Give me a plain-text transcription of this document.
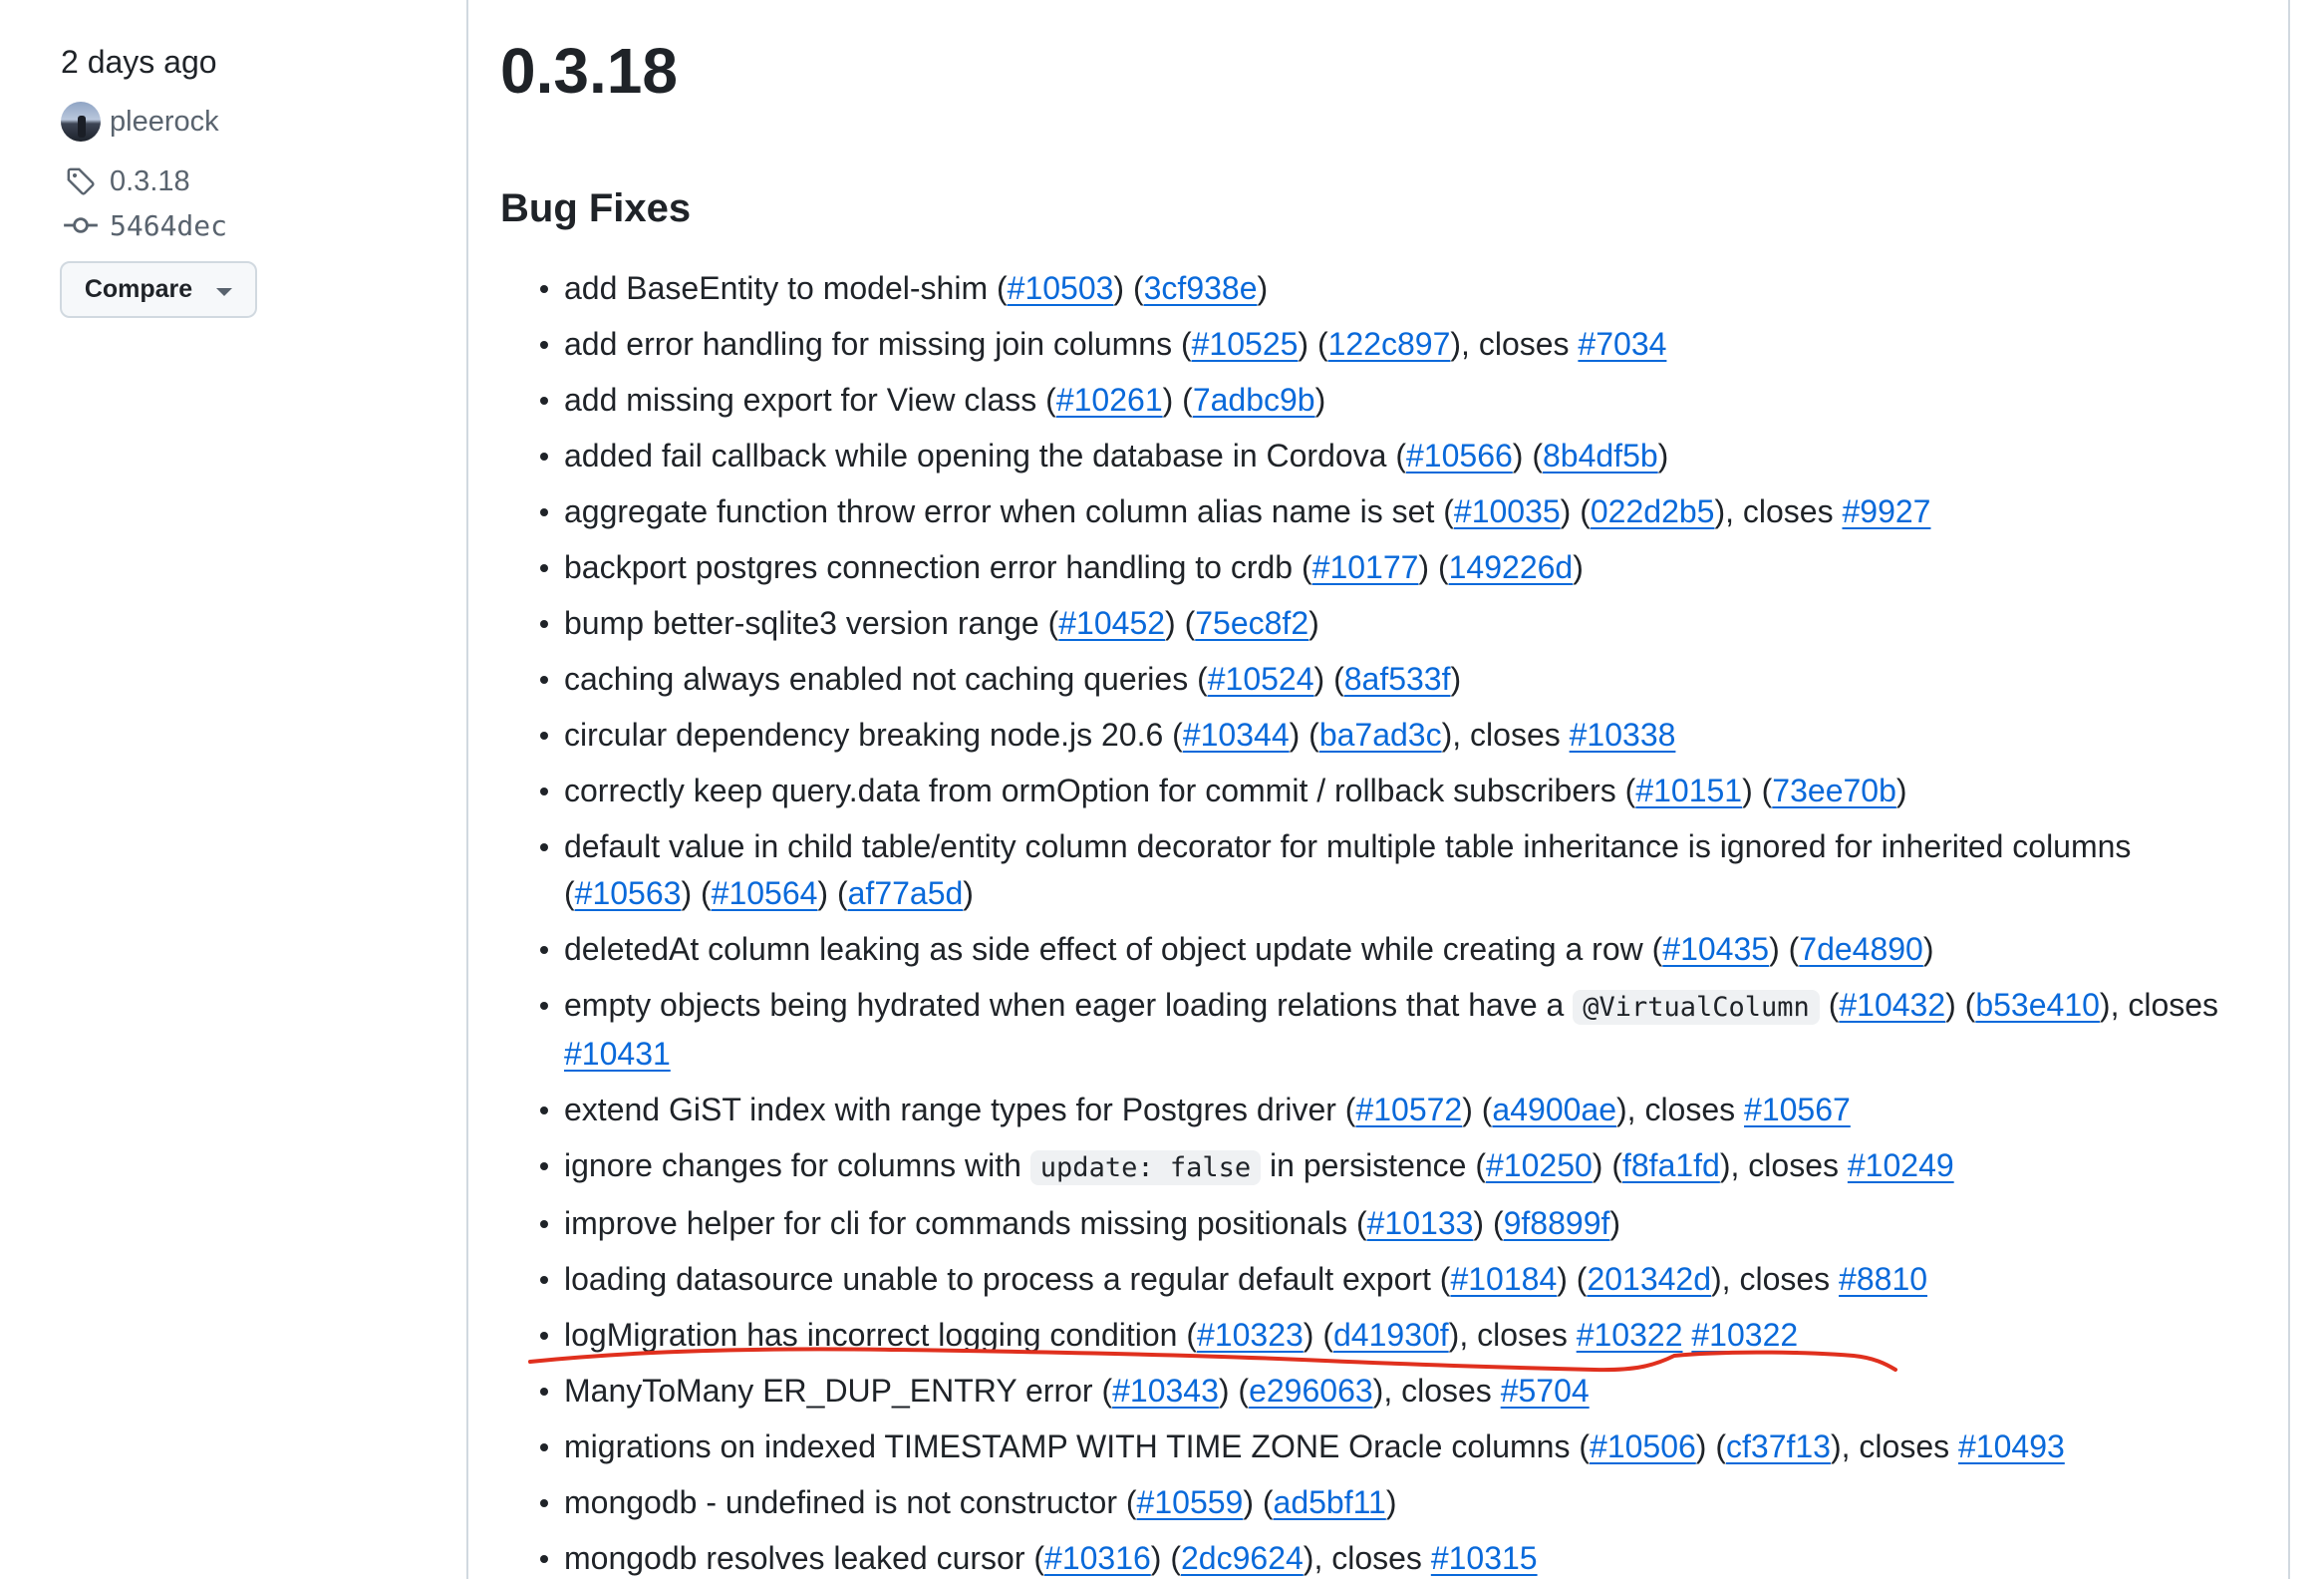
2 days ago
pleerock
0.3.18
5464dec
Compare
0.3.18
Bug Fixes
add BaseEntity to model-shim (#10503) (3cf938e)
add error handling for missing join columns (#10525) (122c897), closes #7034
add missing export for View class (#10261) (7adbc9b)
added fail callback while opening the database in Cordova (#10566) (8b4df5b)
aggregate function throw error when column alias name is set (#10035) (022d2b5), closes #9927
backport postgres connection error handling to crdb (#10177) (149226d)
bump better-sqlite3 version range (#10452) (75ec8f2)
caching always enabled not caching queries (#10524) (8af533f)
circular dependency breaking node.js 20.6 (#10344) (ba7ad3c), closes #10338
correctly keep query.data from ormOption for commit / rollback subscribers (#10151) (73ee70b)
default value in child table/entity column decorator for multiple table inheritance is ignored for inherited columns (#10563) (#10564) (af77a5d)
deletedAt column leaking as side effect of object update while creating a row (#10435) (7de4890)
empty objects being hydrated when eager loading relations that have a @VirtualColumn (#10432) (b53e410), closes #10431
extend GiST index with range types for Postgres driver (#10572) (a4900ae), closes #10567
ignore changes for columns with update: false in persistence (#10250) (f8fa1fd), closes #10249
improve helper for cli for commands missing positionals (#10133) (9f8899f)
loading datasource unable to process a regular default export (#10184) (201342d), closes #8810
logMigration has incorrect logging condition (#10323) (d41930f), closes #10322 #10322
ManyToMany ER_DUP_ENTRY error (#10343) (e296063), closes #5704
migrations on indexed TIMESTAMP WITH TIME ZONE Oracle columns (#10506) (cf37f13), closes #10493
mongodb - undefined is not constructor (#10559) (ad5bf11)
mongodb resolves leaked cursor (#10316) (2dc9624), closes #10315
